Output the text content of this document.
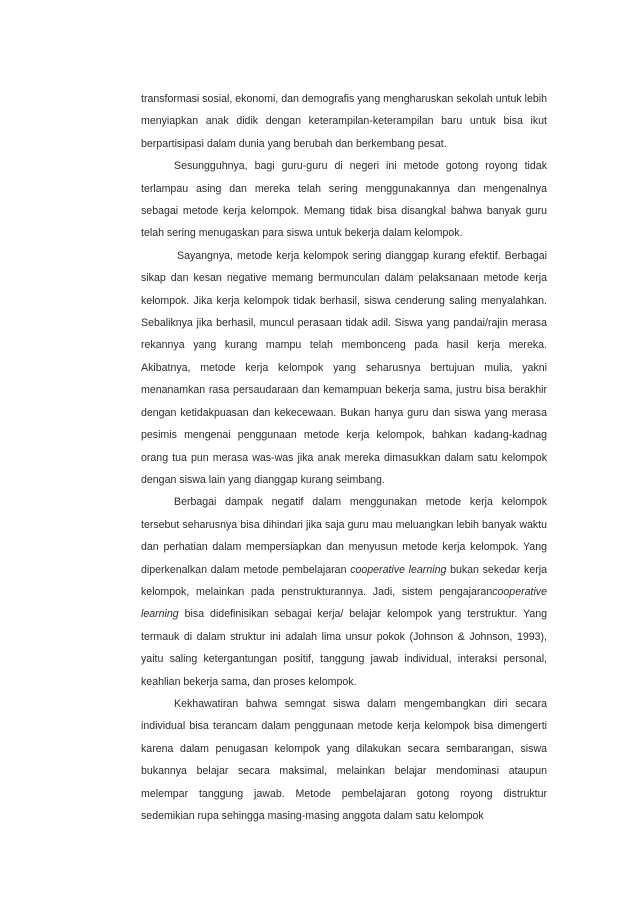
transformasi sosial, ekonomi, dan demografis yang mengharuskan sekolah untuk lebih menyiapkan anak didik dengan keterampilan-keterampilan baru untuk bisa ikut berpartisipasi dalam dunia yang berubah dan berkembang pesat.

Sesungguhnya, bagi guru-guru di negeri ini metode gotong royong tidak terlampau asing dan mereka telah sering menggunakannya dan mengenalnya sebagai metode kerja kelompok. Memang tidak bisa disangkal bahwa banyak guru telah sering menugaskan para siswa untuk bekerja dalam kelompok.

Sayangnya, metode kerja kelompok sering dianggap kurang efektif. Berbagai sikap dan kesan negative memang bermunculan dalam pelaksanaan metode kerja kelompok. Jika kerja kelompok tidak berhasil, siswa cenderung saling menyalahkan. Sebaliknya jika berhasil, muncul perasaan tidak adil. Siswa yang pandai/rajin merasa rekannya yang kurang mampu telah membonceng pada hasil kerja mereka. Akibatnya, metode kerja kelompok yang seharusnya bertujuan mulia, yakni menanamkan rasa persaudaraan dan kemampuan bekerja sama, justru bisa berakhir dengan ketidakpuasan dan kekecewaan. Bukan hanya guru dan siswa yang merasa pesimis mengenai penggunaan metode kerja kelompok, bahkan kadang-kadnag orang tua pun merasa was-was jika anak mereka dimasukkan dalam satu kelompok dengan siswa lain yang dianggap kurang seimbang.

Berbagai dampak negatif dalam menggunakan metode kerja kelompok tersebut seharusnya bisa dihindari jika saja guru mau meluangkan lebih banyak waktu dan perhatian dalam mempersiapkan dan menyusun metode kerja kelompok. Yang diperkenalkan dalam metode pembelajaran cooperative learning bukan sekedar kerja kelompok, melainkan pada penstrukturannya. Jadi, sistem pengajarancooperative learning bisa didefinisikan sebagai kerja/ belajar kelompok yang terstruktur. Yang termauk di dalam struktur ini adalah lima unsur pokok (Johnson & Johnson, 1993), yaitu saling ketergantungan positif, tanggung jawab individual, interaksi personal, keahlian bekerja sama, dan proses kelompok.

Kekhawatiran bahwa semngat siswa dalam mengembangkan diri secara individual bisa terancam dalam penggunaan metode kerja kelompok bisa dimengerti karena dalam penugasan kelompok yang dilakukan secara sembarangan, siswa bukannya belajar secara maksimal, melainkan belajar mendominasi ataupun melempar tanggung jawab. Metode pembelajaran gotong royong distruktur sedemikian rupa sehingga masing-masing anggota dalam satu kelompok
